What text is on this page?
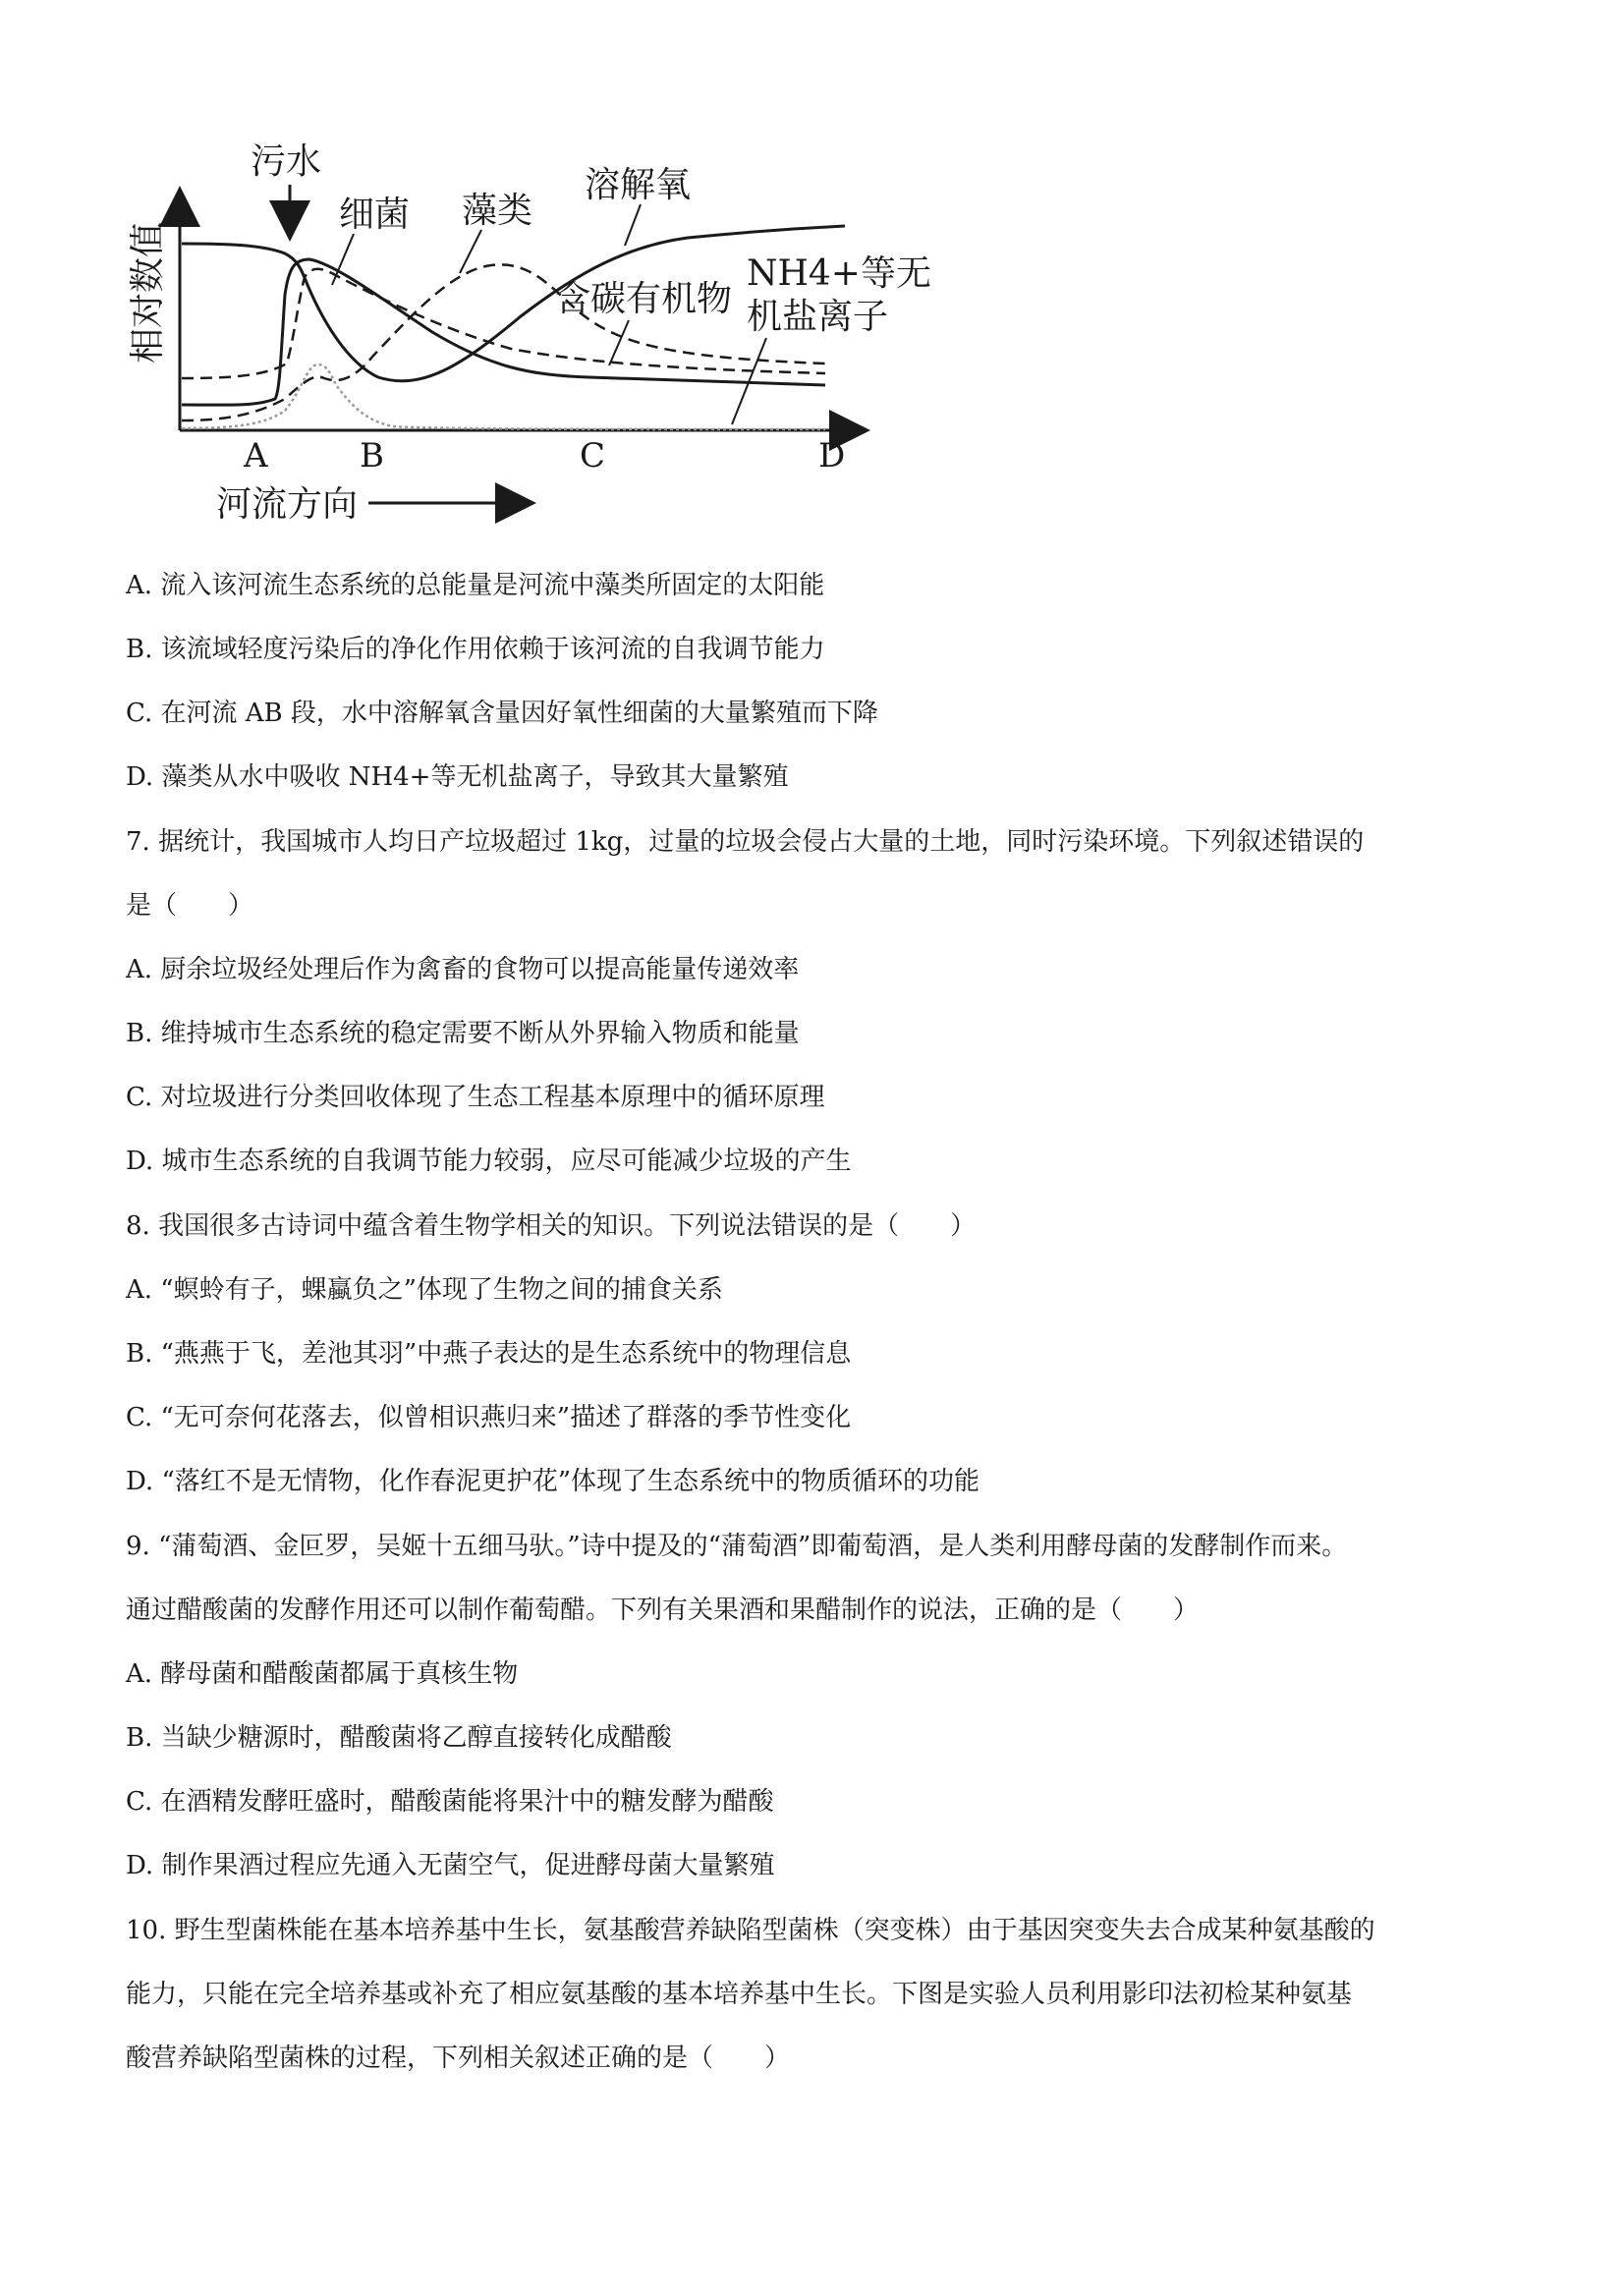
污水
细菌 藻类
溶解氧
含碳有机物
NH4+等无
机盐离子
相对数值
A	B	C	D
河流方向
A. 流入该河流生态系统的总能量是河流中藻类所固定的太阳能
B. 该流域轻度污染后的净化作用依赖于该河流的自我调节能力
C. 在河流 AB 段，水中溶解氧含量因好氧性细菌的大量繁殖而下降
D. 藻类从水中吸收 NH4+等无机盐离子，导致其大量繁殖
7. 据统计，我国城市人均日产垃圾超过 1kg，过量的垃圾会侵占大量的土地，同时污染环境。下列叙述错误的
是（　　）
A. 厨余垃圾经处理后作为禽畜的食物可以提高能量传递效率
B. 维持城市生态系统的稳定需要不断从外界输入物质和能量
C. 对垃圾进行分类回收体现了生态工程基本原理中的循环原理
D. 城市生态系统的自我调节能力较弱，应尽可能减少垃圾的产生
8. 我国很多古诗词中蕴含着生物学相关的知识。下列说法错误的是（　　）
A. “螟蛉有子，蜾蠃负之”体现了生物之间的捕食关系
B. “燕燕于飞，差池其羽”中燕子表达的是生态系统中的物理信息
C. “无可奈何花落去，似曾相识燕归来”描述了群落的季节性变化
D. “落红不是无情物，化作春泥更护花”体现了生态系统中的物质循环的功能
9. “蒲萄酒、金叵罗，吴姬十五细马驮。”诗中提及的“蒲萄酒”即葡萄酒，是人类利用酵母菌的发酵制作而来。
通过醋酸菌的发酵作用还可以制作葡萄醋。下列有关果酒和果醋制作的说法，正确的是（　　）
A. 酵母菌和醋酸菌都属于真核生物
B. 当缺少糖源时，醋酸菌将乙醇直接转化成醋酸
C. 在酒精发酵旺盛时，醋酸菌能将果汁中的糖发酵为醋酸
D. 制作果酒过程应先通入无菌空气，促进酵母菌大量繁殖
10. 野生型菌株能在基本培养基中生长，氨基酸营养缺陷型菌株（突变株）由于基因突变失去合成某种氨基酸的
能力，只能在完全培养基或补充了相应氨基酸的基本培养基中生长。下图是实验人员利用影印法初检某种氨基
酸营养缺陷型菌株的过程，下列相关叙述正确的是（　　）
